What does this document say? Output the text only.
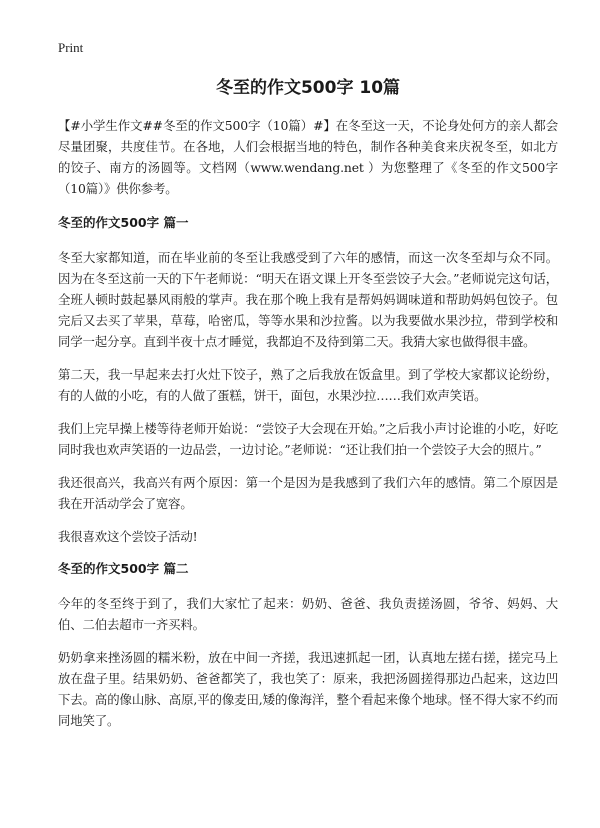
Print
冬至的作文500字 10篇

【#小学生作文##冬至的作文500字（10篇）#】在冬至这一天，不论身处何方的亲人都会尽量团聚，共度佳节。在各地，人们会根据当地的特色，制作各种美食来庆祝冬至，如北方的饺子、南方的汤圆等。文档网（www.wendang.net ）为您整理了《冬至的作文500字（10篇）》供你参考。

冬至的作文500字 篇一

冬至大家都知道，而在毕业前的冬至让我感受到了六年的感情，而这一次冬至却与众不同。因为在冬至这前一天的下午老师说：“明天在语文课上开冬至尝饺子大会。”老师说完这句话，全班人顿时鼓起暴风雨般的掌声。我在那个晚上我有是帮妈妈调味道和帮助妈妈包饺子。包完后又去买了苹果，草莓，哈密瓜，等等水果和沙拉酱。以为我要做水果沙拉，带到学校和同学一起分享。直到半夜十点才睡觉，我都迫不及待到第二天。我猜大家也做得很丰盛。

第二天，我一早起来去打火灶下饺子，熟了之后我放在饭盒里。到了学校大家都议论纷纷，有的人做的小吃，有的人做了蛋糕，饼干，面包，水果沙拉……我们欢声笑语。

我们上完早操上楼等待老师开始说：“尝饺子大会现在开始。”之后我小声讨论谁的小吃，好吃同时我也欢声笑语的一边品尝，一边讨论。”老师说：“还让我们拍一个尝饺子大会的照片。”

我还很高兴，我高兴有两个原因：第一个是因为是我感到了我们六年的感情。第二个原因是我在开活动学会了宽容。

我很喜欢这个尝饺子活动!

冬至的作文500字 篇二

今年的冬至终于到了，我们大家忙了起来：奶奶、爸爸、我负责搓汤圆，爷爷、妈妈、大伯、二伯去超市一齐买料。

奶奶拿来挫汤圆的糯米粉，放在中间一齐搓，我迅速抓起一团，认真地左搓右搓，搓完马上放在盘子里。结果奶奶、爸爸都笑了，我也笑了：原来，我把汤圆搓得那边凸起来，这边凹下去。高的像山脉、高原,平的像麦田,矮的像海洋，整个看起来像个地球。怪不得大家不约而同地笑了。
